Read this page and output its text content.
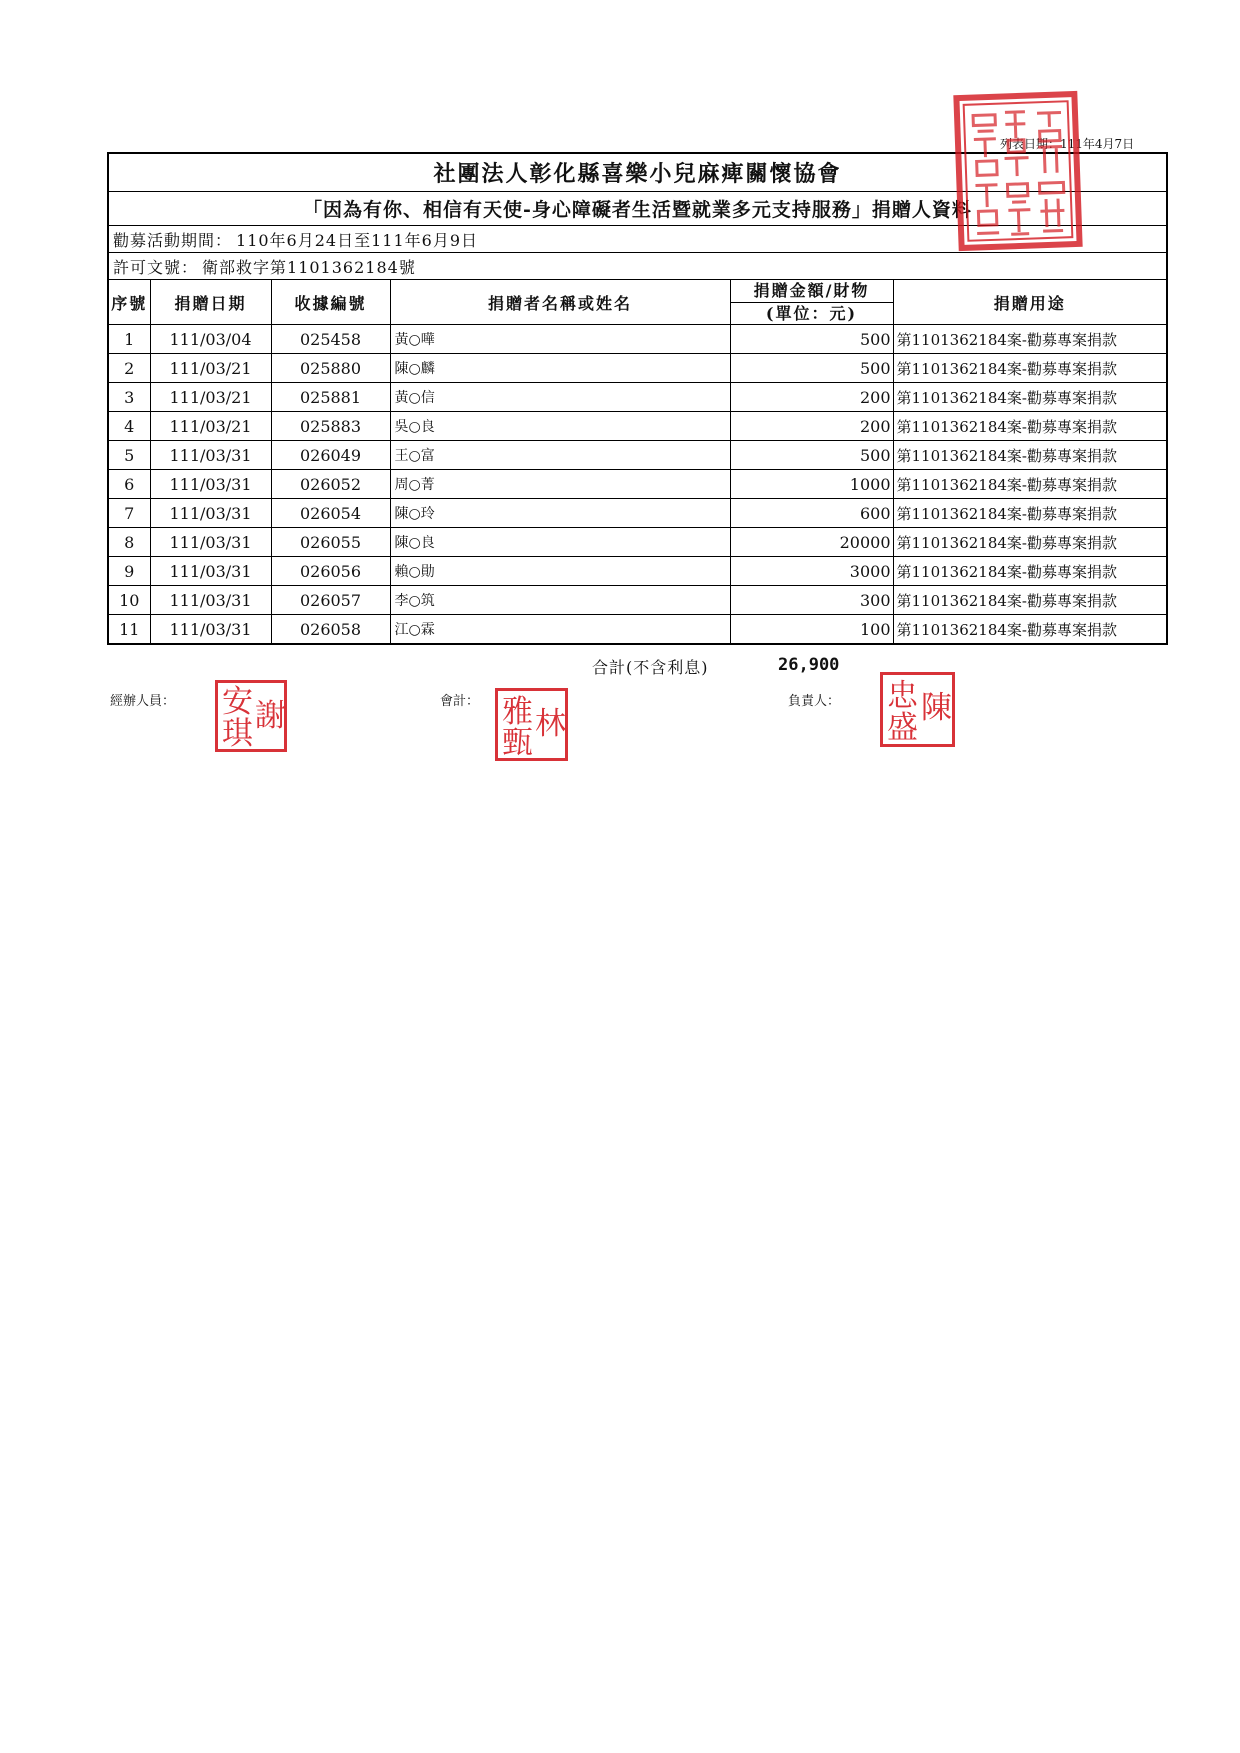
列表日期：111年4月7日
社團法人彰化縣喜樂小兒麻痺關懷協會
「因為有你、相信有天使-身心障礙者生活暨就業多元支持服務」捐贈人資料
勸募活動期間： 110年6月24日至111年6月9日
許可文號： 衛部救字第1101362184號
序號	捐贈日期	收據編號	捐贈者名稱或姓名	捐贈金額/財物
(單位：元)	捐贈用途
1	111/03/04	025458	黃○嘩	500	第1101362184案-勸募專案捐款
2	111/03/21	025880	陳○麟	500	第1101362184案-勸募專案捐款
3	111/03/21	025881	黃○信	200	第1101362184案-勸募專案捐款
4	111/03/21	025883	吳○良	200	第1101362184案-勸募專案捐款
5	111/03/31	026049	王○富	500	第1101362184案-勸募專案捐款
6	111/03/31	026052	周○菁	1000	第1101362184案-勸募專案捐款
7	111/03/31	026054	陳○玲	600	第1101362184案-勸募專案捐款
8	111/03/31	026055	陳○良	20000	第1101362184案-勸募專案捐款
9	111/03/31	026056	賴○勛	3000	第1101362184案-勸募專案捐款
10	111/03/31	026057	李○筑	300	第1101362184案-勸募專案捐款
11	111/03/31	026058	江○霖	100	第1101362184案-勸募專案捐款
合計(不含利息)	26,900
經辦人員：	會計：	負責人：
安 謝
琪
雅 林
甄
忠 陳
盛
